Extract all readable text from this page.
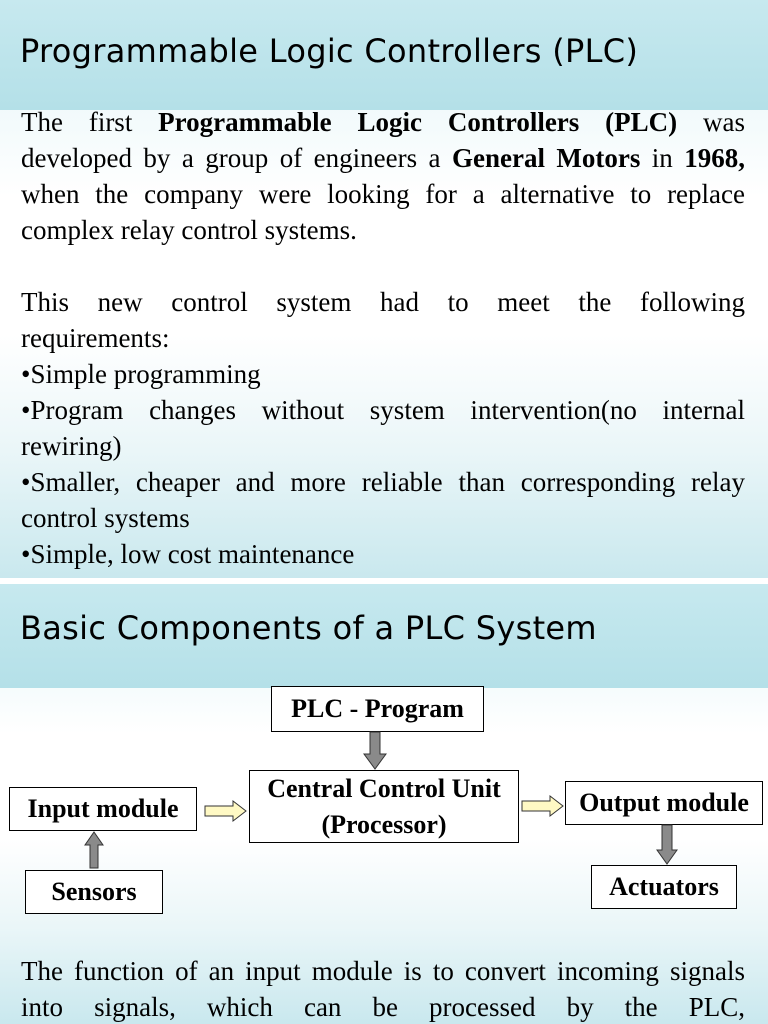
Programmable Logic Controllers (PLC)

The first Programmable Logic Controllers (PLC) was developed by a group of engineers a General Motors in 1968, when the company were looking for a alternative to replace complex relay control systems.

This new control system had to meet the following

requirements:

•Simple programming

•Program changes without system intervention(no internal rewiring)

•Smaller, cheaper and more reliable than corresponding relay control systems

•Simple, low cost maintenance

Basic Components of a PLC System
PLC - Program
Central Control Unit
(Processor)
Input module	Output module
Sensors	Actuators

The function of an input module is to convert incoming signals into signals, which can be processed by the PLC,
